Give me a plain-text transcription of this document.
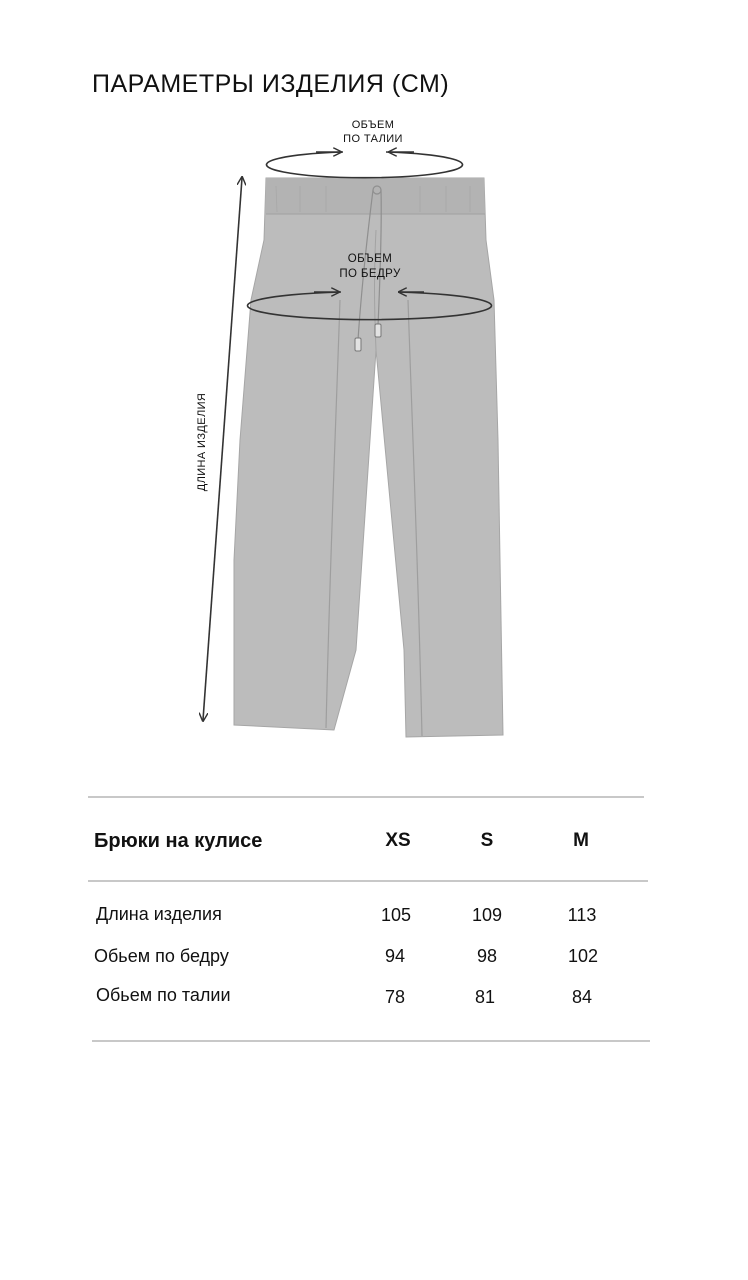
ПАРАМЕТРЫ ИЗДЕЛИЯ (СМ)
ОБЪЕМ
ПО ТАЛИИ
ОБЪЕМ
ПО БЕДРУ
ДЛИНА ИЗДЕЛИЯ
Брюки на кулисе	XS	S	M
Длина изделия	105	109	113
Обьем по бедру	94	98	102
Обьем по талии	78	81	84
